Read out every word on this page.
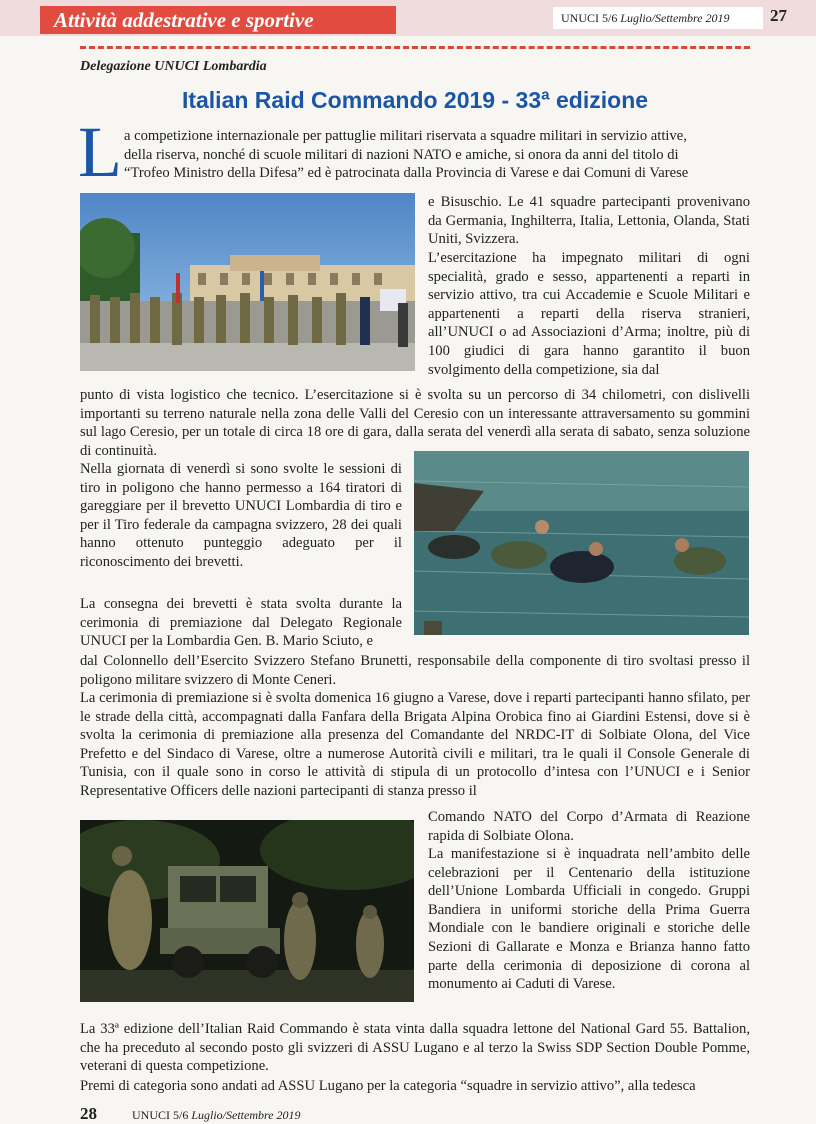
Attività addestrative e sportive	UNUCI 5/6 Luglio/Settembre 2019	27
Delegazione UNUCI Lombardia
Italian Raid Commando 2019 - 33ª edizione
L a competizione internazionale per pattuglie militari riservata a squadre militari in servizio attive,
della riserva, nonché di scuole militari di nazioni NATO e amiche, si onora da anni del titolo di
“Trofeo Ministro della Difesa” ed è patrocinata dalla Provincia di Varese e dai Comuni di Varese
e Bisuschio. Le 41 squadre partecipanti provenivano da Germania, Inghilterra, Italia, Lettonia, Olanda, Stati Uniti, Svizzera.
L’esercitazione ha impegnato militari di ogni specialità, grado e sesso, appartenenti a reparti in servizio attivo, tra cui Accademie e Scuole Militari e appartenenti a reparti della riserva stranieri, all’UNUCI o ad Associazioni d’Arma; inoltre, più di 100 giudici di gara hanno garantito il buon svolgimento della competizione, sia dal
punto di vista logistico che tecnico. L’esercitazione si è svolta su un percorso di 34 chilometri, con dislivelli importanti su terreno naturale nella zona delle Valli del Ceresio con un interessante attraversamento su gommini sul lago Ceresio, per un totale di circa 18 ore di gara, dalla serata del venerdì alla serata di sabato, senza soluzione di continuità.
Nella giornata di venerdì si sono svolte le sessioni di tiro in poligono che hanno permesso a 164 tiratori di gareggiare per il brevetto UNUCI Lombardia di tiro e per il Tiro federale da campagna svizzero, 28 dei quali hanno ottenuto punteggio adeguato per il riconoscimento dei brevetti.
La consegna dei brevetti è stata svolta durante la cerimonia di premiazione dal Delegato Regionale UNUCI per la Lombardia Gen. B. Mario Sciuto, e
dal Colonnello dell’Esercito Svizzero Stefano Brunetti, responsabile della componente di tiro svoltasi presso il poligono militare svizzero di Monte Ceneri.
La cerimonia di premiazione si è svolta domenica 16 giugno a Varese, dove i reparti partecipanti hanno sfilato, per le strade della città, accompagnati dalla Fanfara della Brigata Alpina Orobica fino ai Giardini Estensi, dove si è svolta la cerimonia di premiazione alla presenza del Comandante del NRDC-IT di Solbiate Olona, del Vice Prefetto e del Sindaco di Varese, oltre a numerose Autorità civili e militari, tra le quali il Console Generale di Tunisia, con il quale sono in corso le attività di stipula di un protocollo d’intesa con l’UNUCI e i Senior Representative Officers delle nazioni partecipanti di stanza presso il
Comando NATO del Corpo d’Armata di Reazione rapida di Solbiate Olona.
La manifestazione si è inquadrata nell’ambito delle celebrazioni per il Centenario della istituzione dell’Unione Lombarda Ufficiali in congedo. Gruppi Bandiera in uniformi storiche della Prima Guerra Mondiale con le bandiere originali e storiche delle Sezioni di Gallarate e Monza e Brianza hanno fatto parte della cerimonia di deposizione di corona al monumento ai Caduti di Varese.
La 33ª edizione dell’Italian Raid Commando è stata vinta dalla squadra lettone del National Gard 55. Battalion, che ha preceduto al secondo posto gli svizzeri di ASSU Lugano e al terzo la Swiss SDP Section Double Pomme, veterani di questa competizione.
Premi di categoria sono andati ad ASSU Lugano per la categoria “squadre in servizio attivo”, alla tedesca
28	UNUCI 5/6 Luglio/Settembre 2019
